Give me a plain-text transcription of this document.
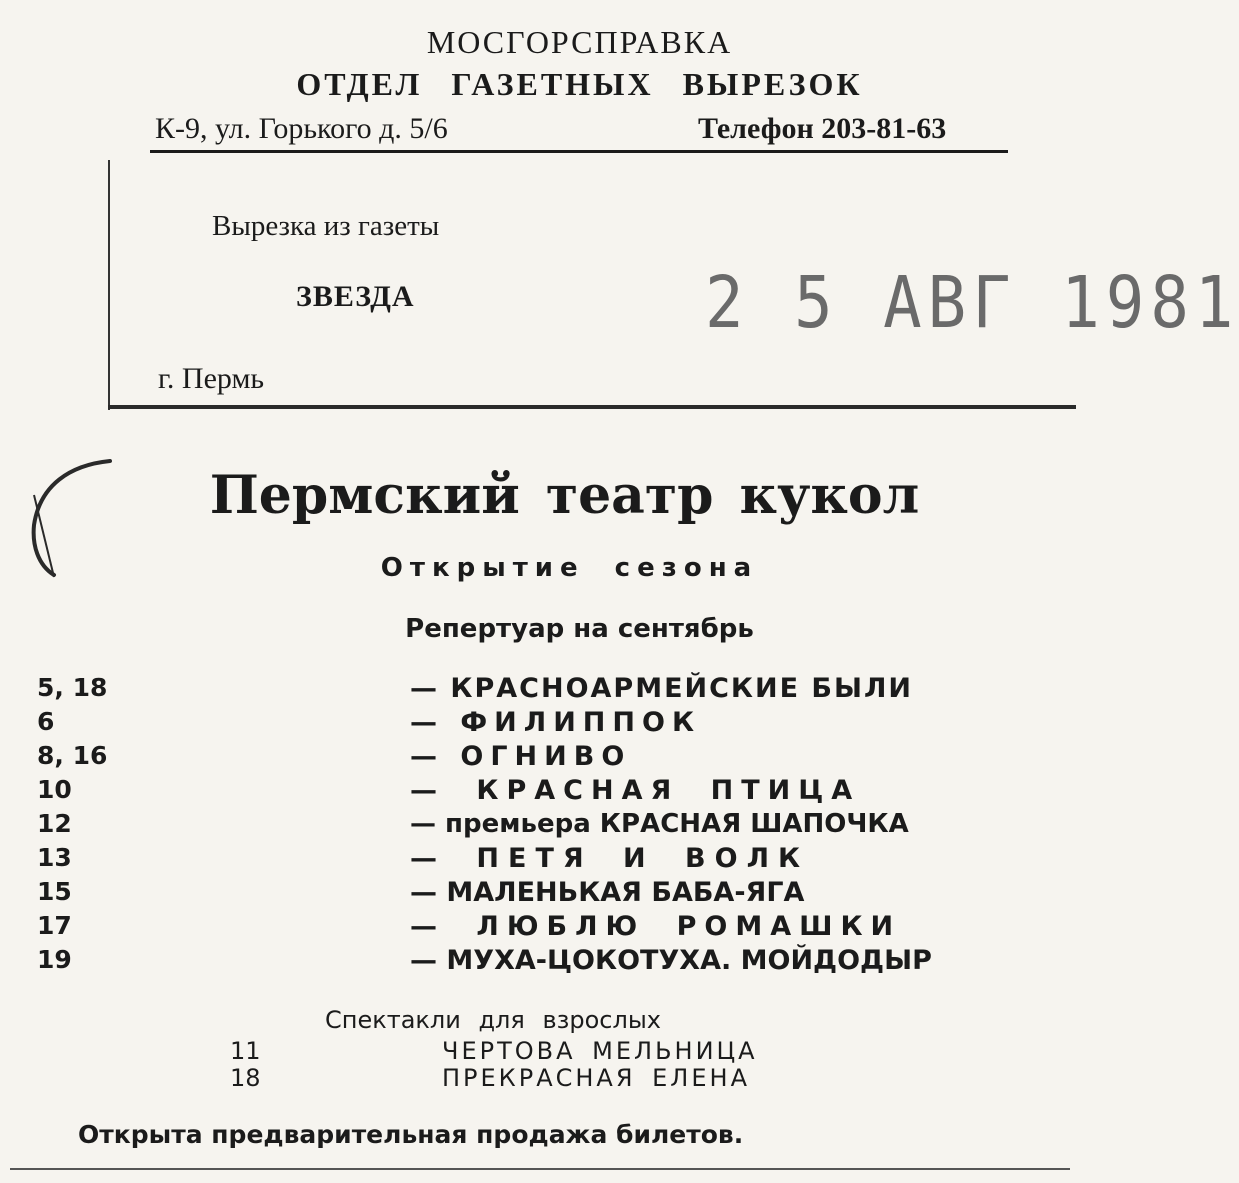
МОСГОРСПРАВКА
ОТДЕЛ ГАЗЕТНЫХ ВЫРЕЗОК
К-9, ул. Горького д. 5/6	Телефон 203-81-63
Вырезка из газеты
ЗВЕЗДА	2 5 АВГ 1981
г. Пермь
Пермский театр кукол
Открытие сезона
Репертуар на сентябрь
5, 18	— КРАСНОАРМЕЙСКИЕ БЫЛИ
6	— ФИЛИППОК
8, 16	— ОГНИВО
10	— КРАСНАЯ ПТИЦА
12	— премьера КРАСНАЯ ШАПОЧКА
13	— ПЕТЯ И ВОЛК
15	— МАЛЕНЬКАЯ БАБА-ЯГА
17	— ЛЮБЛЮ РОМАШКИ
19	— МУХА-ЦОКОТУХА. МОЙДОДЫР
Спектакли для взрослых
11	ЧЕРТОВА МЕЛЬНИЦА
18	ПРЕКРАСНАЯ ЕЛЕНА
Открыта предварительная продажа билетов.
